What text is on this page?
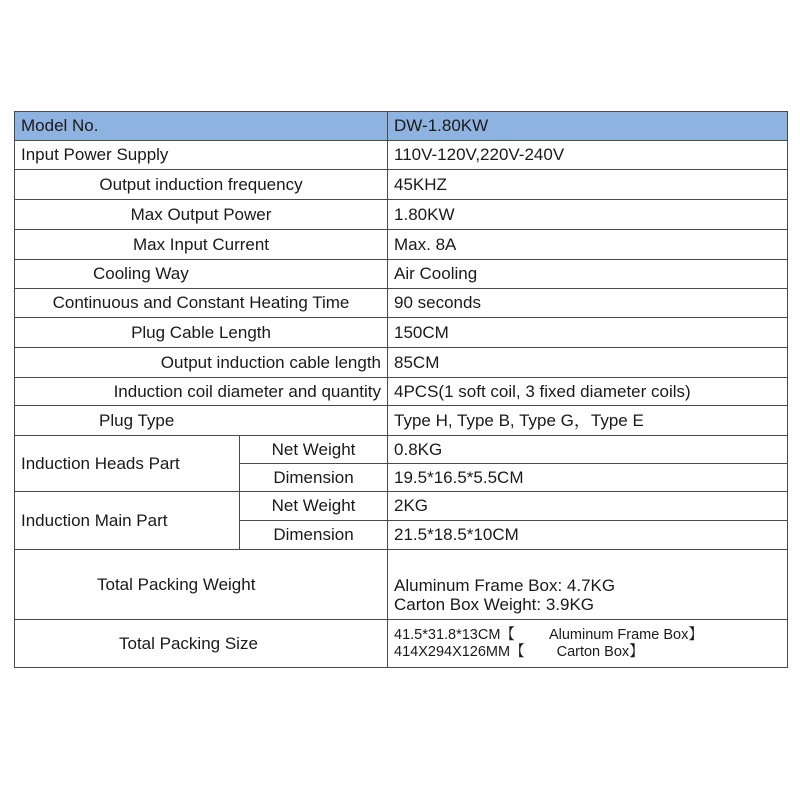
Model No.		DW-1.80KW
Input Power Supply		110V-120V,220V-240V
Output induction frequency		45KHZ
Max Output Power		1.80KW
Max Input Current		Max. 8A
Cooling Way		Air Cooling
Continuous and Constant Heating Time		90 seconds
Plug Cable Length		150CM
Output induction cable length		85CM
Induction coil diameter and quantity		4PCS(1 soft coil, 3 fixed diameter coils)
Plug Type		Type H, Type B, Type G，Type E
Induction Heads Part	Net Weight	0.8KG
	Dimension	19.5*16.5*5.5CM
Induction Main Part	Net Weight	2KG
	Dimension	21.5*18.5*10CM
Total Packing Weight		Aluminum Frame Box: 4.7KG
Carton Box Weight: 3.9KG

Total Packing Size		41.5*31.8*13CM【 Aluminum Frame Box】
414X294X126MM【 Carton Box】
